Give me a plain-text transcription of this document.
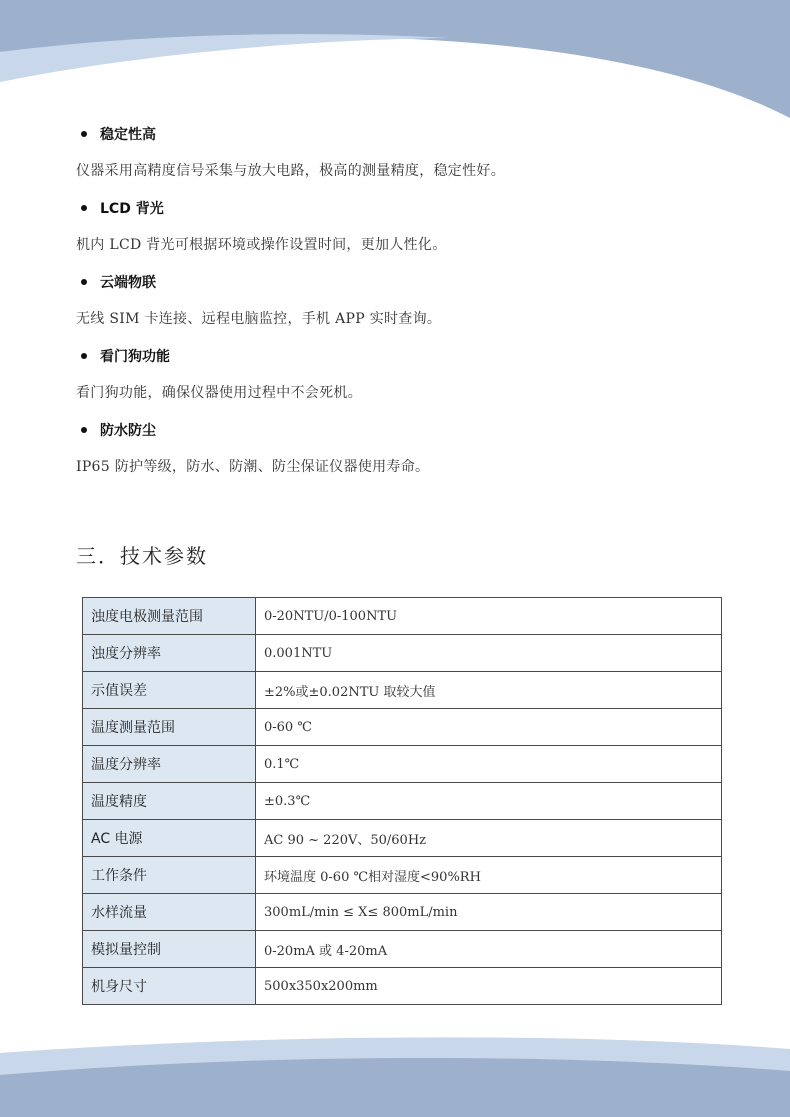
稳定性高
仪器采用高精度信号采集与放大电路，极高的测量精度，稳定性好。
LCD 背光
机内 LCD 背光可根据环境或操作设置时间，更加人性化。
云端物联
无线 SIM 卡连接、远程电脑监控，手机 APP 实时查询。
看门狗功能
看门狗功能，确保仪器使用过程中不会死机。
防水防尘
IP65 防护等级，防水、防潮、防尘保证仪器使用寿命。
三．技术参数
浊度电极测量范围	0-20NTU/0-100NTU
浊度分辨率	0.001NTU
示值误差	±2%或±0.02NTU 取较大值
温度测量范围	0-60 ℃
温度分辨率	0.1℃
温度精度	±0.3℃
AC 电源	AC 90 ~ 220V、50/60Hz
工作条件	环境温度 0-60 ℃相对湿度<90%RH
水样流量	300mL/min ≤ X≤ 800mL/min
模拟量控制	0-20mA 或 4-20mA
机身尺寸	500x350x200mm
